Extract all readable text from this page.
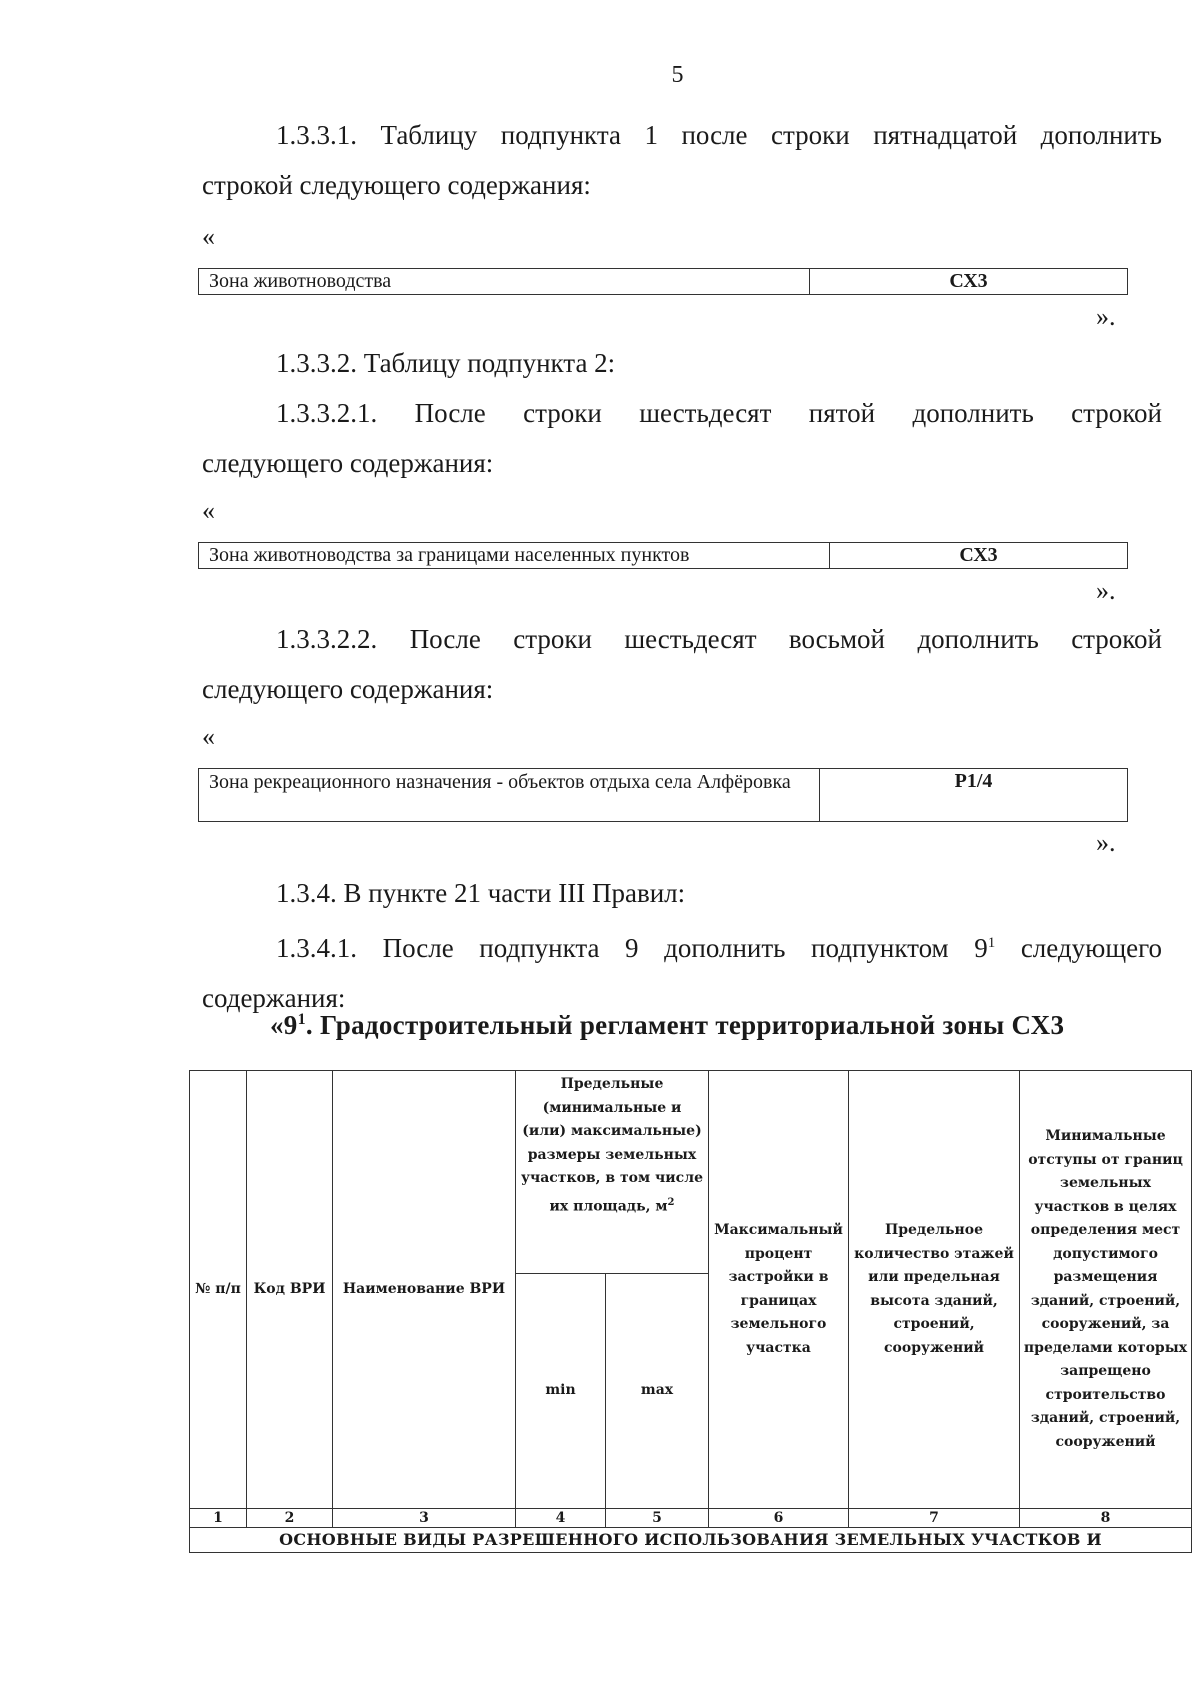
5
1.3.3.1. Таблицу подпункта 1 после строки пятнадцатой дополнить
строкой следующего содержания:
«
Зона животноводства	СХ3
».
1.3.3.2. Таблицу подпункта 2:
1.3.3.2.1. После строки шестьдесят пятой дополнить строкой
следующего содержания:
«
Зона животноводства за границами населенных пунктов	СХ3
».
1.3.3.2.2. После строки шестьдесят восьмой дополнить строкой
следующего содержания:
«
Зона рекреационного назначения - объектов отдыха села Алфёровка	Р1/4
».
1.3.4. В пункте 21 части III Правил:
1.3.4.1. После подпункта 9 дополнить подпунктом $9^1$ следующего
содержания:
«$9^1$. Градостроительный регламент территориальной зоны СХ3
№ п/п	Код ВРИ	Наименование ВРИ	Предельные (минимальные и (или) максимальные) размеры земельных участков, в том числе их площадь, $м^2$		Максимальный процент застройки в границах земельного участка	Предельное количество этажей или предельная высота зданий, строений, сооружений	Минимальные отступы от границ земельных участков в целях определения мест допустимого размещения зданий, строений, сооружений, за пределами которых запрещено строительство зданий, строений, сооружений
			min	max			
1	2	3	4	5	6	7	8
ОСНОВНЫЕ ВИДЫ РАЗРЕШЕННОГО ИСПОЛЬЗОВАНИЯ ЗЕМЕЛЬНЫХ УЧАСТКОВ И							
